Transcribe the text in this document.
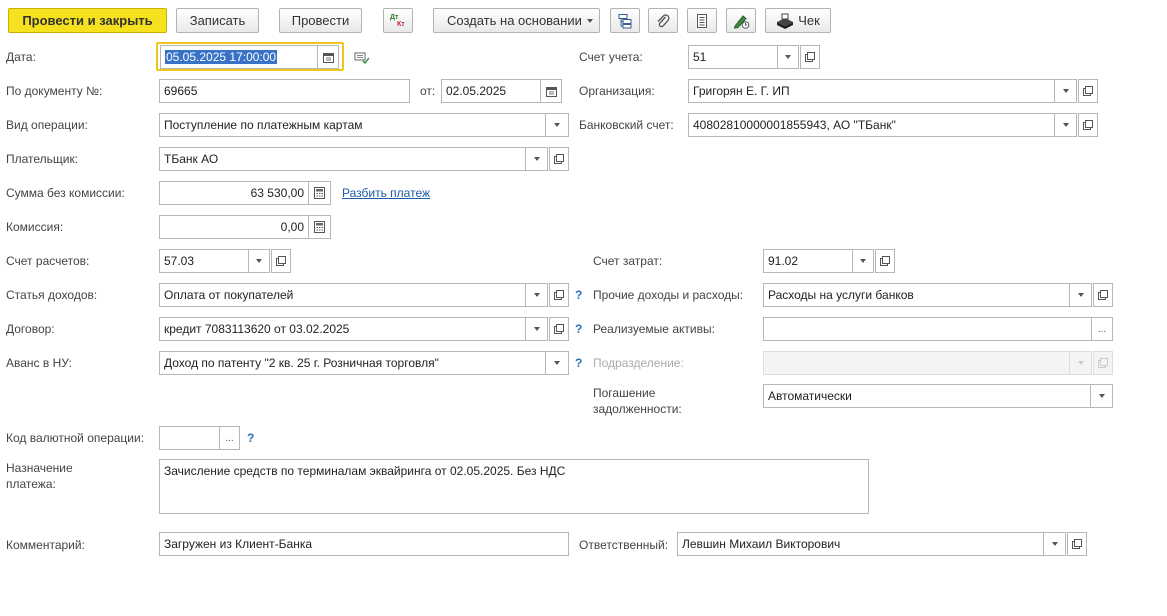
Провести и закрыть	Записать	Провести	Дт
Кт	Создать на основании	Чек
Дата:	05.05.2025 17:00:00
По документу №:	69665	от: 02.05.2025
Вид операции:	Поступление по платежным картам
Плательщик:	ТБанк АО
Сумма без комиссии:	63 530,00	Разбить платеж
Комиссия:	0,00
Счет расчетов:	57.03
Статья доходов:	Оплата от покупателей	?
Договор:	кредит 7083113620 от 03.02.2025	?
Аванс в НУ:	Доход по патенту "2 кв. 25 г. Розничная торговля"	?
Код валютной операции:	...	?
Назначение
платежа:
Зачисление средств по терминалам эквайринга от 02.05.2025. Без НДС
Комментарий:	Загружен из Клиент-Банка
Счет учета:	51
Организация:	Григорян Е. Г. ИП
Банковский счет:	40802810000001855943, АО "ТБанк"
Счет затрат:	91.02
Прочие доходы и расходы:	Расходы на услуги банков
Реализуемые активы:	...
Подразделение:
Погашение
задолженности:
Автоматически
Ответственный:	Левшин Михаил Викторович
